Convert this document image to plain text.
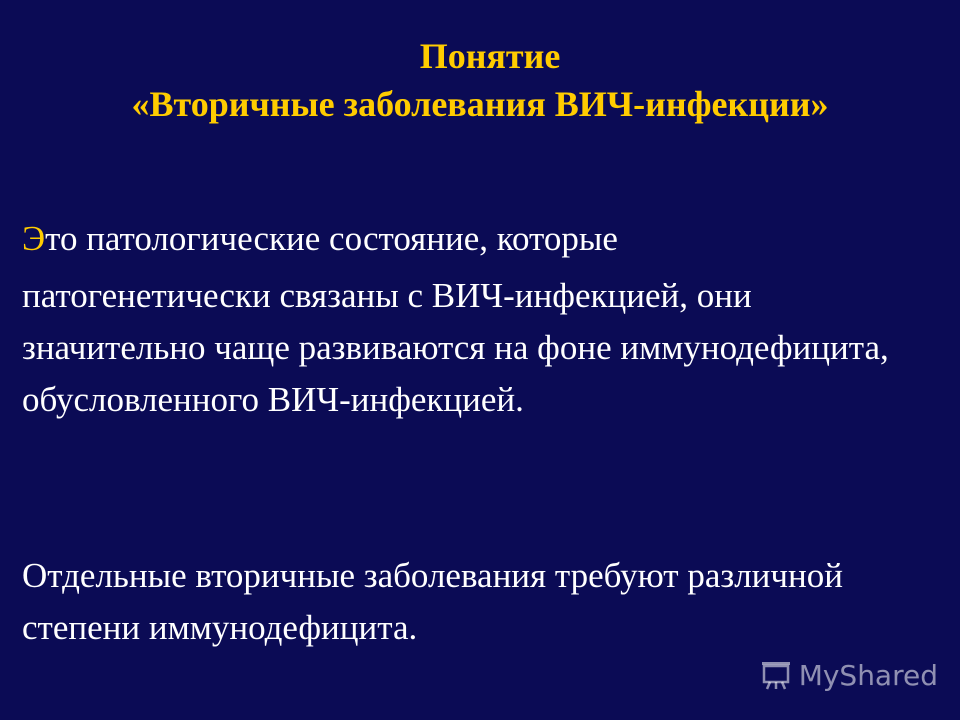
Понятие
«Вторичные заболевания ВИЧ-инфекции»
Это патологические состояние, которые
патогенетически связаны с ВИЧ-инфекцией, они значительно чаще развиваются на фоне иммунодефицита, обусловленного ВИЧ-инфекцией.
Отдельные вторичные заболевания требуют различной степени иммунодефицита.
MyShared
